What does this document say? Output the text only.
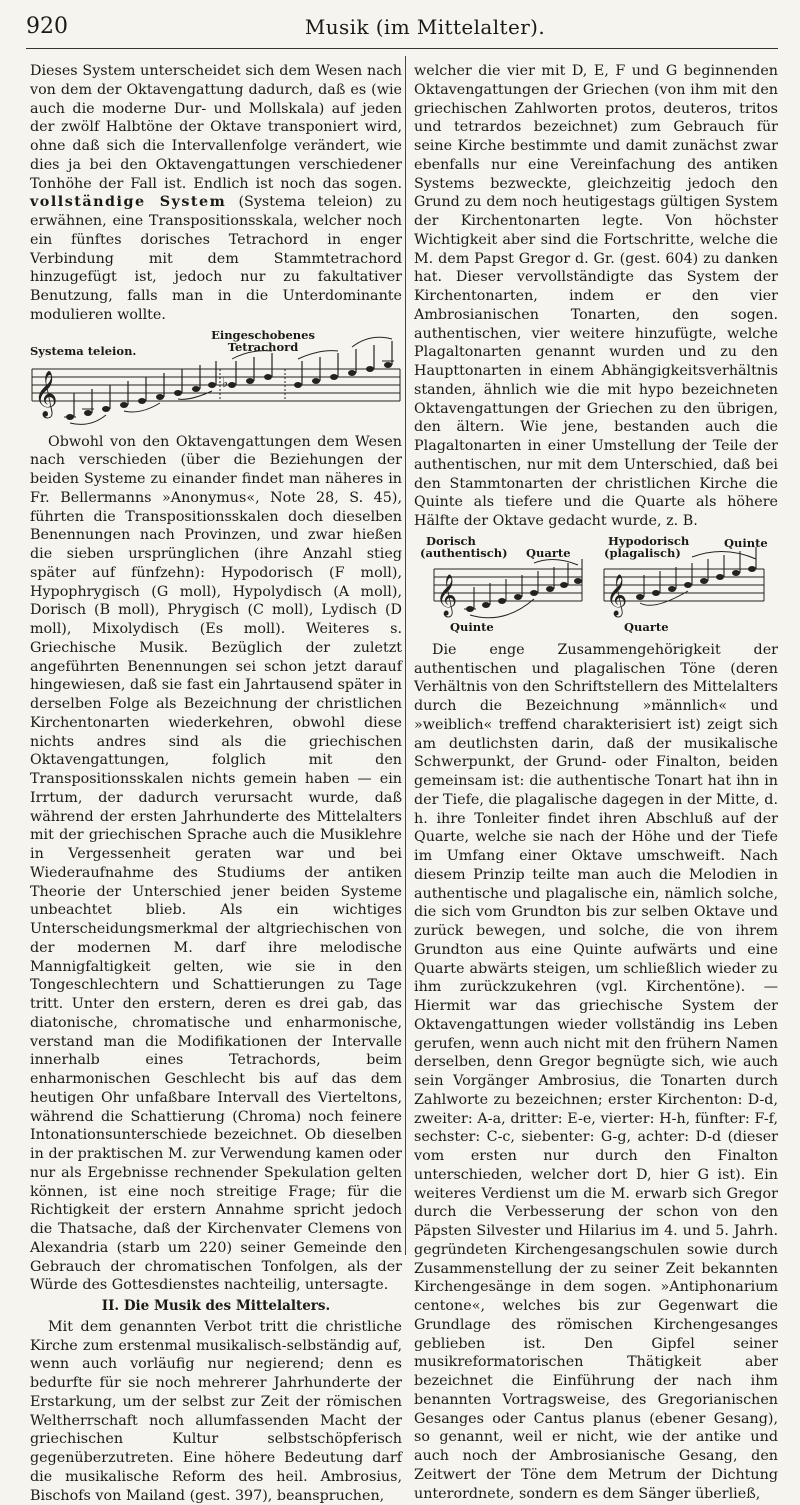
920	Musik (im Mittelalter).

Dieses System unterscheidet sich dem Wesen nach von dem der Oktavengattung dadurch, daß es (wie auch die moderne Dur- und Mollskala) auf jeden der zwölf Halbtöne der Oktave transponiert wird, ohne daß sich die Intervallenfolge verändert, wie dies ja bei den Oktavengattungen verschiedener Tonhöhe der Fall ist. Endlich ist noch das sogen. vollständige System (Systema teleion) zu erwähnen, eine Transpositionsskala, welcher noch ein fünftes dorisches Tetrachord in enger Verbindung mit dem Stammtetrachord hinzugefügt ist, jedoch nur zu fakultativer Benutzung, falls man in die Unterdominante modulieren wollte.

Systema teleion.
Eingeschobenes Tetrachord
𝄞	♭

Obwohl von den Oktavengattungen dem Wesen nach verschieden (über die Beziehungen der beiden Systeme zu einander findet man näheres in Fr. Bellermanns »Anonymus«, Note 28, S. 45), führten die Transpositionsskalen doch dieselben Benennungen nach Provinzen, und zwar hießen die sieben ursprünglichen (ihre Anzahl stieg später auf fünfzehn): Hypodorisch (F moll), Hypophrygisch (G moll), Hypolydisch (A moll), Dorisch (B moll), Phrygisch (C moll), Lydisch (D moll), Mixolydisch (Es moll). Weiteres s. Griechische Musik. Bezüglich der zuletzt angeführten Benennungen sei schon jetzt darauf hingewiesen, daß sie fast ein Jahrtausend später in derselben Folge als Bezeichnung der christlichen Kirchentonarten wiederkehren, obwohl diese nichts andres sind als die griechischen Oktavengattungen, folglich mit den Transpositionsskalen nichts gemein haben — ein Irrtum, der dadurch verursacht wurde, daß während der ersten Jahrhunderte des Mittelalters mit der griechischen Sprache auch die Musiklehre in Vergessenheit geraten war und bei Wiederaufnahme des Studiums der antiken Theorie der Unterschied jener beiden Systeme unbeachtet blieb. Als ein wichtiges Unterscheidungsmerkmal der altgriechischen von der modernen M. darf ihre melodische Mannigfaltigkeit gelten, wie sie in den Tongeschlechtern und Schattierungen zu Tage tritt. Unter den erstern, deren es drei gab, das diatonische, chromatische und enharmonische, verstand man die Modifikationen der Intervalle innerhalb eines Tetrachords, beim enharmonischen Geschlecht bis auf das dem heutigen Ohr unfaßbare Intervall des Vierteltons, während die Schattierung (Chroma) noch feinere Intonationsunterschiede bezeichnet. Ob dieselben in der praktischen M. zur Verwendung kamen oder nur als Ergebnisse rechnender Spekulation gelten können, ist eine noch streitige Frage; für die Richtigkeit der erstern Annahme spricht jedoch die Thatsache, daß der Kirchenvater Clemens von Alexandria (starb um 220) seiner Gemeinde den Gebrauch der chromatischen Tonfolgen, als der Würde des Gottesdienstes nachteilig, untersagte.

II. Die Musik des Mittelalters.

Mit dem genannten Verbot tritt die christliche Kirche zum erstenmal musikalisch-selbständig auf, wenn auch vorläufig nur negierend; denn es bedurfte für sie noch mehrerer Jahrhunderte der Erstarkung, um der selbst zur Zeit der römischen Weltherrschaft noch allumfassenden Macht der griechischen Kultur selbstschöpferisch gegenüberzutreten. Eine höhere Bedeutung darf die musikalische Reform des heil. Ambrosius, Bischofs von Mailand (gest. 397), beanspruchen,

welcher die vier mit D, E, F und G beginnenden Oktavengattungen der Griechen (von ihm mit den griechischen Zahlworten protos, deuteros, tritos und tetrardos bezeichnet) zum Gebrauch für seine Kirche bestimmte und damit zunächst zwar ebenfalls nur eine Vereinfachung des antiken Systems bezweckte, gleichzeitig jedoch den Grund zu dem noch heutigestags gültigen System der Kirchentonarten legte. Von höchster Wichtigkeit aber sind die Fortschritte, welche die M. dem Papst Gregor d. Gr. (gest. 604) zu danken hat. Dieser vervollständigte das System der Kirchentonarten, indem er den vier Ambrosianischen Tonarten, den sogen. authentischen, vier weitere hinzufügte, welche Plagaltonarten genannt wurden und zu den Haupttonarten in einem Abhängigkeitsverhältnis standen, ähnlich wie die mit hypo bezeichneten Oktavengattungen der Griechen zu den übrigen, den ältern. Wie jene, bestanden auch die Plagaltonarten in einer Umstellung der Teile der authentischen, nur mit dem Unterschied, daß bei den Stammtonarten der christlichen Kirche die Quinte als tiefere und die Quarte als höhere Hälfte der Oktave gedacht wurde, z. B.

Dorisch
(authentisch) Quarte
Quinte
Hypodorisch
(plagalisch)
Quinte
Quarte
𝄞	𝄞

Die enge Zusammengehörigkeit der authentischen und plagalischen Töne (deren Verhältnis von den Schriftstellern des Mittelalters durch die Bezeichnung »männlich« und »weiblich« treffend charakterisiert ist) zeigt sich am deutlichsten darin, daß der musikalische Schwerpunkt, der Grund- oder Finalton, beiden gemeinsam ist: die authentische Tonart hat ihn in der Tiefe, die plagalische dagegen in der Mitte, d. h. ihre Tonleiter findet ihren Abschluß auf der Quarte, welche sie nach der Höhe und der Tiefe im Umfang einer Oktave umschweift. Nach diesem Prinzip teilte man auch die Melodien in authentische und plagalische ein, nämlich solche, die sich vom Grundton bis zur selben Oktave und zurück bewegen, und solche, die von ihrem Grundton aus eine Quinte aufwärts und eine Quarte abwärts steigen, um schließlich wieder zu ihm zurückzukehren (vgl. Kirchentöne). — Hiermit war das griechische System der Oktavengattungen wieder vollständig ins Leben gerufen, wenn auch nicht mit den frühern Namen derselben, denn Gregor begnügte sich, wie auch sein Vorgänger Ambrosius, die Tonarten durch Zahlworte zu bezeichnen; erster Kirchenton: D-d, zweiter: A-a, dritter: E-e, vierter: H-h, fünfter: F-f, sechster: C-c, siebenter: G-g, achter: D-d (dieser vom ersten nur durch den Finalton unterschieden, welcher dort D, hier G ist). Ein weiteres Verdienst um die M. erwarb sich Gregor durch die Verbesserung der schon von den Päpsten Silvester und Hilarius im 4. und 5. Jahrh. gegründeten Kirchengesangschulen sowie durch Zusammenstellung der zu seiner Zeit bekannten Kirchengesänge in dem sogen. »Antiphonarium centone«, welches bis zur Gegenwart die Grundlage des römischen Kirchengesanges geblieben ist. Den Gipfel seiner musikreformatorischen Thätigkeit aber bezeichnet die Einführung der nach ihm benannten Vortragsweise, des Gregorianischen Gesanges oder Cantus planus (ebener Gesang), so genannt, weil er nicht, wie der antike und auch noch der Ambrosianische Gesang, den Zeitwert der Töne dem Metrum der Dichtung unterordnete, sondern es dem Sänger überließ,
